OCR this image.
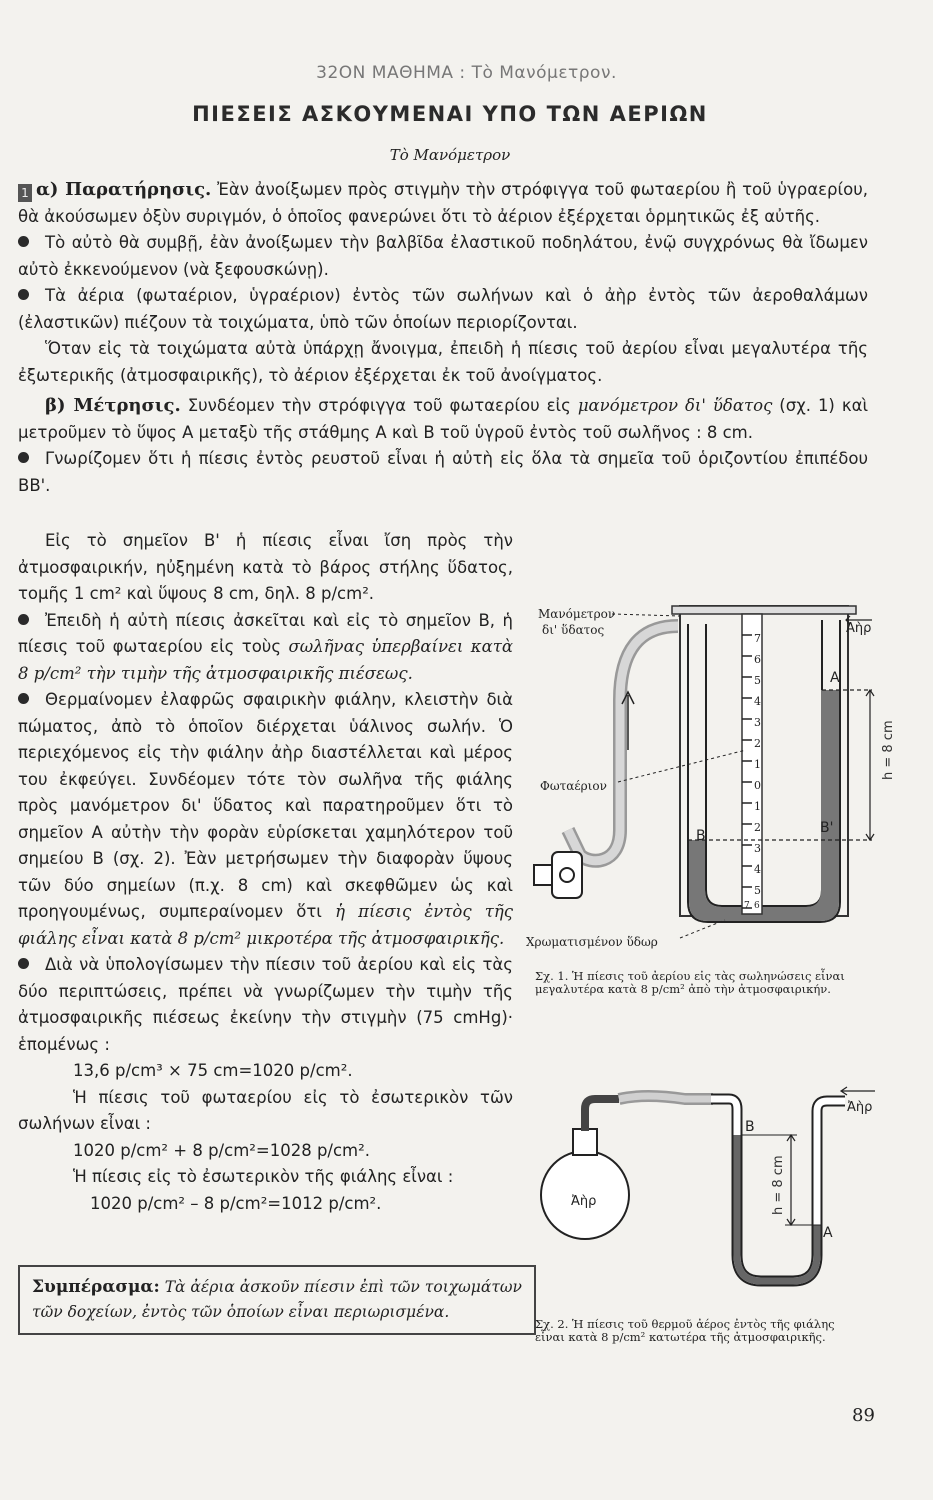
32ON ΜΑΘΗΜΑ : Τὸ Μανόμετρον.
ΠΙΕΣΕΙΣ ΑΣΚΟΥΜΕΝΑΙ ΥΠΟ ΤΩΝ ΑΕΡΙΩΝ
Τὸ Μανόμετρον

1 α) Παρατήρησις. Ἐὰν ἀνοίξωμεν πρὸς στιγμὴν τὴν στρόφιγγα τοῦ φωταερίου ἢ τοῦ ὑγραερίου, θὰ ἀκούσωμεν ὀξὺν συριγμόν, ὁ ὁποῖος φανερώνει ὅτι τὸ ἀέριον ἐξέρχεται ὁρμητικῶς ἐξ αὐτῆς.

Τὸ αὐτὸ θὰ συμβῇ, ἐὰν ἀνοίξωμεν τὴν βαλβῖδα ἐλαστικοῦ ποδηλάτου, ἐνῷ συγχρόνως θὰ ἴδωμεν αὐτὸ ἐκκενούμενον (νὰ ξεφουσκώνῃ).

Τὰ ἀέρια (φωταέριον, ὑγραέριον) ἐντὸς τῶν σωλήνων καὶ ὁ ἀὴρ ἐντὸς τῶν ἀεροθαλάμων (ἐλαστικῶν) πιέζουν τὰ τοιχώματα, ὑπὸ τῶν ὁποίων περιορίζονται.

Ὅταν εἰς τὰ τοιχώματα αὐτὰ ὑπάρχῃ ἄνοιγμα, ἐπειδὴ ἡ πίεσις τοῦ ἀερίου εἶναι μεγαλυτέρα τῆς ἐξωτερικῆς (ἀτμοσφαιρικῆς), τὸ ἀέριον ἐξέρχεται ἐκ τοῦ ἀνοίγματος.

β) Μέτρησις. Συνδέομεν τὴν στρόφιγγα τοῦ φωταερίου εἰς μανόμετρον δι' ὕδατος (σχ. 1) καὶ μετροῦμεν τὸ ὕψος Α μεταξὺ τῆς στάθμης Α καὶ Β τοῦ ὑγροῦ ἐντὸς τοῦ σωλῆνος : 8 cm.

Γνωρίζομεν ὅτι ἡ πίεσις ἐντὸς ρευστοῦ εἶναι ἡ αὐτὴ εἰς ὅλα τὰ σημεῖα τοῦ ὁριζοντίου ἐπιπέδου ΒΒ'.

Εἰς τὸ σημεῖον Β' ἡ πίεσις εἶναι ἴση πρὸς τὴν ἀτμοσφαιρικήν, ηὐξημένη κατὰ τὸ βάρος στήλης ὕδατος, τομῆς 1 cm² καὶ ὕψους 8 cm, δηλ. 8 p/cm².

Ἐπειδὴ ἡ αὐτὴ πίεσις ἀσκεῖται καὶ εἰς τὸ σημεῖον Β, ἡ πίεσις τοῦ φωταερίου εἰς τοὺς σωλῆνας ὑπερβαίνει κατὰ 8 p/cm² τὴν τιμὴν τῆς ἀτμοσφαιρικῆς πιέσεως.

Θερμαίνομεν ἐλαφρῶς σφαιρικὴν φιάλην, κλειστὴν διὰ πώματος, ἀπὸ τὸ ὁποῖον διέρχεται ὑάλινος σωλήν. Ὁ περιεχόμενος εἰς τὴν φιάλην ἀὴρ διαστέλλεται καὶ μέρος του ἐκφεύγει. Συνδέομεν τότε τὸν σωλῆνα τῆς φιάλης πρὸς μανόμετρον δι' ὕδατος καὶ παρατηροῦμεν ὅτι τὸ σημεῖον Α αὐτὴν τὴν φορὰν εὑρίσκεται χαμηλότερον τοῦ σημείου Β (σχ. 2). Ἐὰν μετρήσωμεν τὴν διαφορὰν ὕψους τῶν δύο σημείων (π.χ. 8 cm) καὶ σκεφθῶμεν ὡς καὶ προηγουμένως, συμπεραίνομεν ὅτι ἡ πίεσις ἐντὸς τῆς φιάλης εἶναι κατὰ 8 p/cm² μικροτέρα τῆς ἀτμοσφαιρικῆς.

Διὰ νὰ ὑπολογίσωμεν τὴν πίεσιν τοῦ ἀερίου καὶ εἰς τὰς δύο περιπτώσεις, πρέπει νὰ γνωρίζωμεν τὴν τιμὴν τῆς ἀτμοσφαιρικῆς πιέσεως ἐκείνην τὴν στιγμὴν (75 cmHg)· ἑπομένως :

13,6 p/cm³ × 75 cm=1020 p/cm².

Ἡ πίεσις τοῦ φωταερίου εἰς τὸ ἐσωτερικὸν τῶν σωλήνων εἶναι :

1020 p/cm² + 8 p/cm²=1028 p/cm².

Ἡ πίεσις εἰς τὸ ἐσωτερικὸν τῆς φιάλης εἶναι :

1020 p/cm² – 8 p/cm²=1012 p/cm².

Συμπέρασμα: Τὰ ἀέρια ἀσκοῦν πίεσιν ἐπὶ τῶν τοιχωμάτων τῶν δοχείων, ἐντὸς τῶν ὁποίων εἶναι περιωρισμένα.
7
6
5
4
3
2
1
0
1
2
3
4
5
6
7
h = 8 cm
Α
Β	Β'
Μανόμετρον
δι' ὕδατος	Ἀὴρ
Φωταέριον
Χρωματισμένον ὕδωρ
Σχ. 1. Ἡ πίεσις τοῦ ἀερίου εἰς τὰς σωληνώσεις εἶναι μεγαλυτέρα κατὰ 8 p/cm² ἀπὸ τὴν ἀτμοσφαιρικήν.
Ἀὴρ	h = 8 cm
Β
Α
Ἀὴρ
Σχ. 2. Ἡ πίεσις τοῦ θερμοῦ ἀέρος ἐντὸς τῆς φιάλης εἶναι κατὰ 8 p/cm² κατωτέρα τῆς ἀτμοσφαιρικῆς.
89
